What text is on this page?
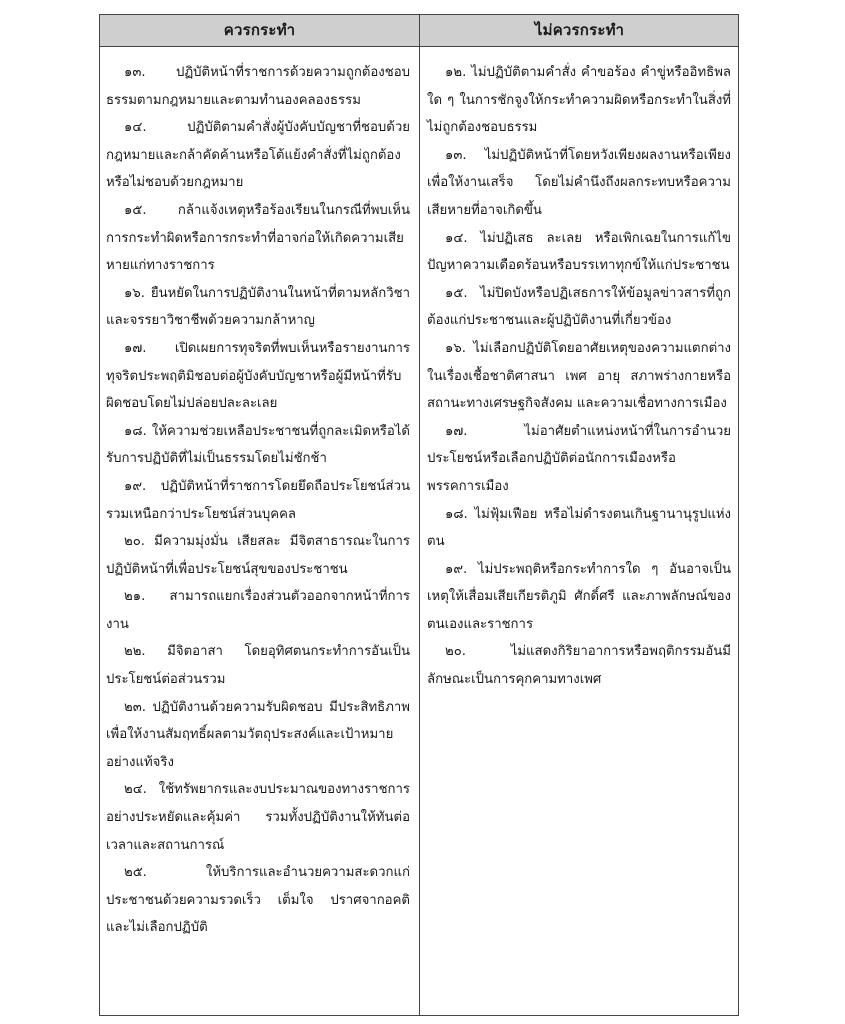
ควรกระทำ	ไม่ควรกระทำ

๑๓. ปฏิบัติหน้าที่ราชการด้วยความถูกต้องชอบธรรมตามกฎหมายและตามทำนองคลองธรรม

๑๔. ปฏิบัติตามคำสั่งผู้บังคับบัญชาที่ชอบด้วยกฎหมายและกล้าคัดค้านหรือโต้แย้งคำสั่งที่ไม่ถูกต้องหรือไม่ชอบด้วยกฎหมาย

๑๕. กล้าแจ้งเหตุหรือร้องเรียนในกรณีที่พบเห็นการกระทำผิดหรือการกระทำที่อาจก่อให้เกิดความเสียหายแก่ทางราชการ

๑๖. ยืนหยัดในการปฏิบัติงานในหน้าที่ตามหลักวิชาและจรรยาวิชาชีพด้วยความกล้าหาญ

๑๗. เปิดเผยการทุจริตที่พบเห็นหรือรายงานการทุจริตประพฤติมิชอบต่อผู้บังคับบัญชาหรือผู้มีหน้าที่รับผิดชอบโดยไม่ปล่อยปละละเลย

๑๘. ให้ความช่วยเหลือประชาชนที่ถูกละเมิดหรือได้รับการปฏิบัติที่ไม่เป็นธรรมโดยไม่ชักช้า

๑๙. ปฏิบัติหน้าที่ราชการโดยยึดถือประโยชน์ส่วนรวมเหนือกว่าประโยชน์ส่วนบุคคล

๒๐. มีความมุ่งมั่น เสียสละ มีจิตสาธารณะในการปฏิบัติหน้าที่เพื่อประโยชน์สุขของประชาชน

๒๑. สามารถแยกเรื่องส่วนตัวออกจากหน้าที่การงาน

๒๒. มีจิตอาสา โดยอุทิศตนกระทำการอันเป็นประโยชน์ต่อส่วนรวม

๒๓. ปฏิบัติงานด้วยความรับผิดชอบ มีประสิทธิภาพเพื่อให้งานสัมฤทธิ์ผลตามวัตถุประสงค์และเป้าหมายอย่างแท้จริง

๒๔. ใช้ทรัพยากรและงบประมาณของทางราชการอย่างประหยัดและคุ้มค่า รวมทั้งปฏิบัติงานให้ทันต่อเวลาและสถานการณ์

๒๕. ให้บริการและอำนวยความสะดวกแก่ประชาชนด้วยความรวดเร็ว เต็มใจ ปราศจากอคติ และไม่เลือกปฏิบัติ

๑๒. ไม่ปฏิบัติตามคำสั่ง คำขอร้อง คำขู่หรืออิทธิพลใด ๆ ในการชักจูงให้กระทำความผิดหรือกระทำในสิ่งที่ไม่ถูกต้องชอบธรรม

๑๓. ไม่ปฏิบัติหน้าที่โดยหวังเพียงผลงานหรือเพียงเพื่อให้งานเสร็จ โดยไม่คำนึงถึงผลกระทบหรือความเสียหายที่อาจเกิดขึ้น

๑๔. ไม่ปฏิเสธ ละเลย หรือเพิกเฉยในการแก้ไขปัญหาความเดือดร้อนหรือบรรเทาทุกข์ให้แก่ประชาชน

๑๕. ไม่ปิดบังหรือปฏิเสธการให้ข้อมูลข่าวสารที่ถูกต้องแก่ประชาชนและผู้ปฏิบัติงานที่เกี่ยวข้อง

๑๖. ไม่เลือกปฏิบัติโดยอาศัยเหตุของความแตกต่างในเรื่องเชื้อชาติศาสนา เพศ อายุ สภาพร่างกายหรือสถานะทางเศรษฐกิจสังคม และความเชื่อทางการเมือง

๑๗. ไม่อาศัยตำแหน่งหน้าที่ในการอำนวยประโยชน์หรือเลือกปฏิบัติต่อนักการเมืองหรือพรรคการเมือง

๑๘. ไม่ฟุ้มเฟือย หรือไม่ดำรงตนเกินฐานานุรูปแห่งตน

๑๙. ไม่ประพฤติหรือกระทำการใด ๆ อันอาจเป็นเหตุให้เสื่อมเสียเกียรติภูมิ ศักดิ์ศรี และภาพลักษณ์ของตนเองและราชการ

๒๐. ไม่แสดงกิริยาอาการหรือพฤติกรรมอันมีลักษณะเป็นการคุกคามทางเพศ
